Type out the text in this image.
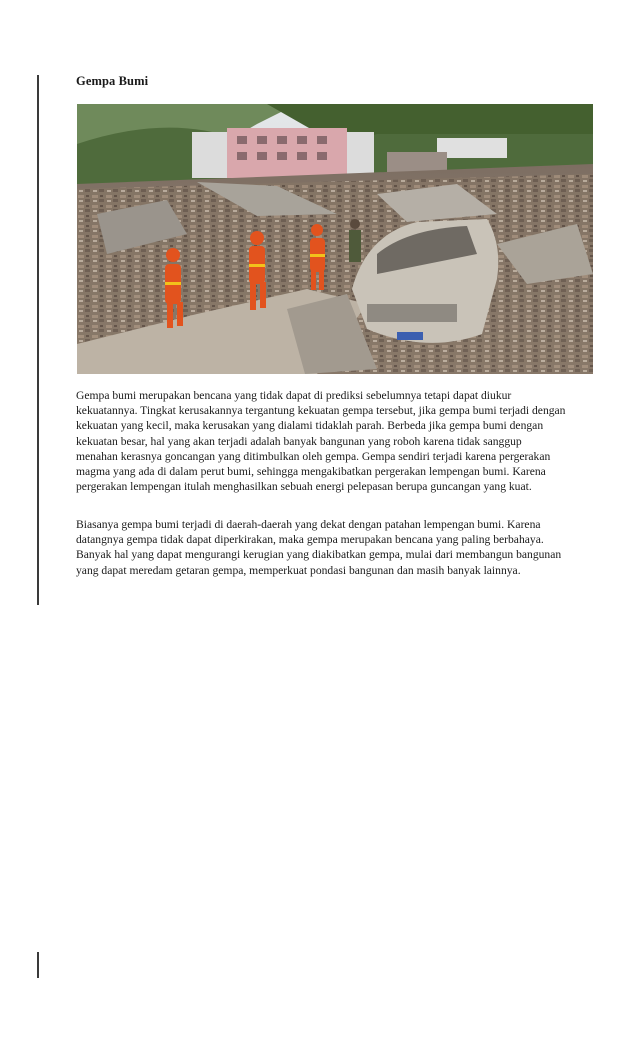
Gempa Bumi

Gempa bumi merupakan bencana yang tidak dapat di prediksi sebelumnya tetapi dapat diukur kekuatannya. Tingkat kerusakannya tergantung kekuatan gempa tersebut, jika gempa bumi terjadi dengan kekuatan yang kecil, maka kerusakan yang dialami tidaklah parah. Berbeda jika gempa bumi dengan kekuatan besar, hal yang akan terjadi adalah banyak bangunan yang roboh karena tidak sanggup menahan kerasnya goncangan yang ditimbulkan oleh gempa. Gempa sendiri terjadi karena pergerakan magma yang ada di dalam perut bumi, sehingga mengakibatkan pergerakan lempengan bumi. Karena pergerakan lempengan itulah menghasilkan sebuah energi pelepasan berupa guncangan yang kuat.

Biasanya gempa bumi terjadi di daerah-daerah yang dekat dengan patahan lempengan bumi. Karena datangnya gempa tidak dapat diperkirakan, maka gempa merupakan bencana yang paling berbahaya. Banyak hal yang dapat mengurangi kerugian yang diakibatkan gempa, mulai dari membangun bangunan yang dapat meredam getaran gempa, memperkuat pondasi bangunan dan masih banyak lainnya.
